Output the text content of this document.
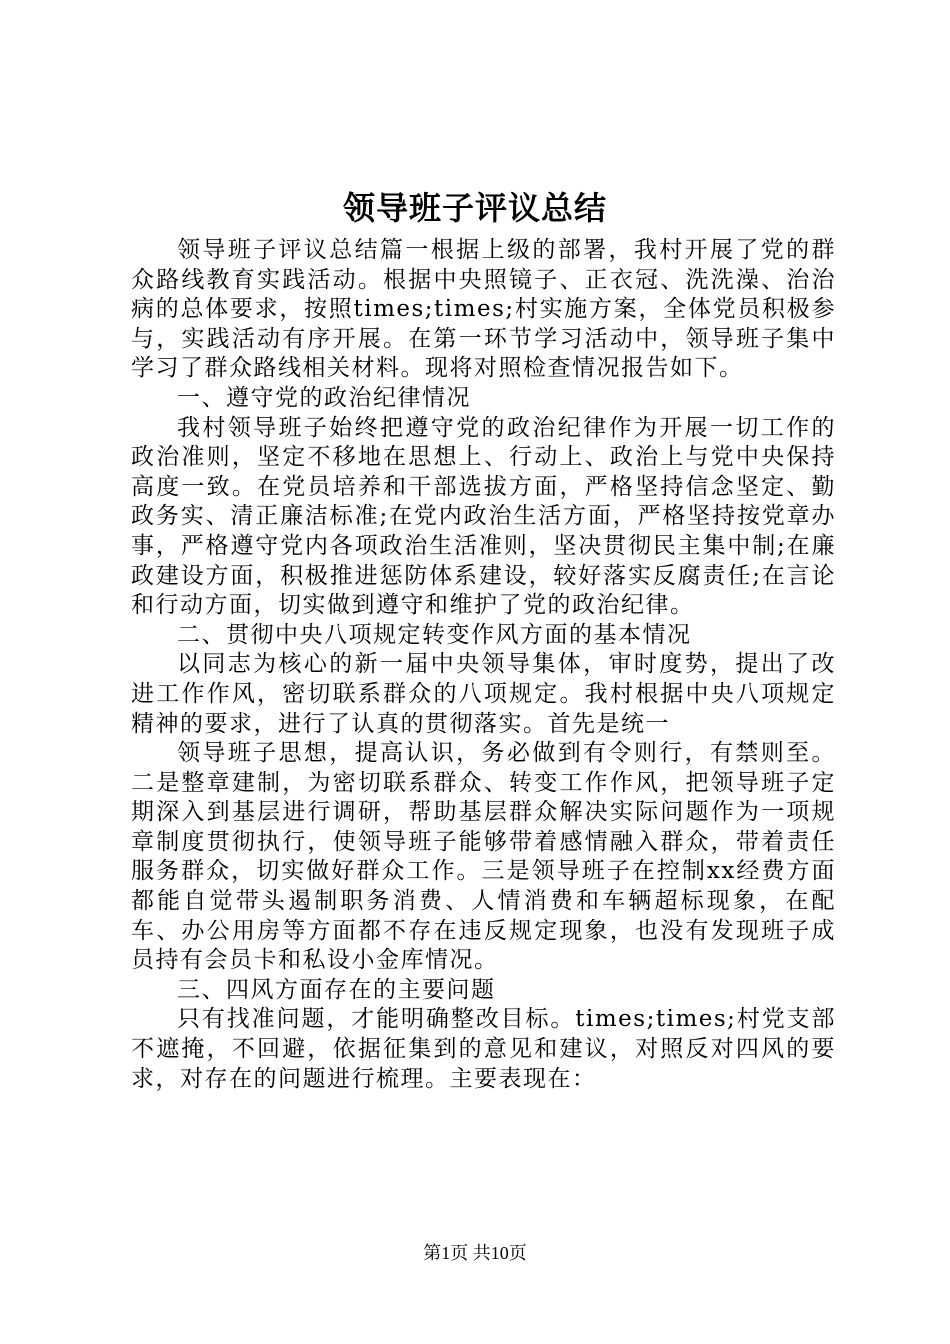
领导班子评议总结

领导班子评议总结篇一根据上级的部署，我村开展了党的群众路线教育实践活动。根据中央照镜子、正衣冠、洗洗澡、治治病的总体要求，按照times;times;村实施方案，全体党员积极参与，实践活动有序开展。在第一环节学习活动中，领导班子集中学习了群众路线相关材料。现将对照检查情况报告如下。

一、遵守党的政治纪律情况

我村领导班子始终把遵守党的政治纪律作为开展一切工作的政治准则，坚定不移地在思想上、行动上、政治上与党中央保持高度一致。在党员培养和干部选拔方面，严格坚持信念坚定、勤政务实、清正廉洁标准;在党内政治生活方面，严格坚持按党章办事，严格遵守党内各项政治生活准则，坚决贯彻民主集中制;在廉政建设方面，积极推进惩防体系建设，较好落实反腐责任;在言论和行动方面，切实做到遵守和维护了党的政治纪律。

二、贯彻中央八项规定转变作风方面的基本情况

以同志为核心的新一届中央领导集体，审时度势，提出了改进工作作风，密切联系群众的八项规定。我村根据中央八项规定精神的要求，进行了认真的贯彻落实。首先是统一

领导班子思想，提高认识，务必做到有令则行，有禁则至。二是整章建制，为密切联系群众、转变工作作风，把领导班子定期深入到基层进行调研，帮助基层群众解决实际问题作为一项规章制度贯彻执行，使领导班子能够带着感情融入群众，带着责任服务群众，切实做好群众工作。三是领导班子在控制xx经费方面都能自觉带头遏制职务消费、人情消费和车辆超标现象，在配车、办公用房等方面都不存在违反规定现象，也没有发现班子成员持有会员卡和私设小金库情况。

三、四风方面存在的主要问题

只有找准问题，才能明确整改目标。times;times;村党支部不遮掩，不回避，依据征集到的意见和建议，对照反对四风的要求，对存在的问题进行梳理。主要表现在：

第1页 共10页
